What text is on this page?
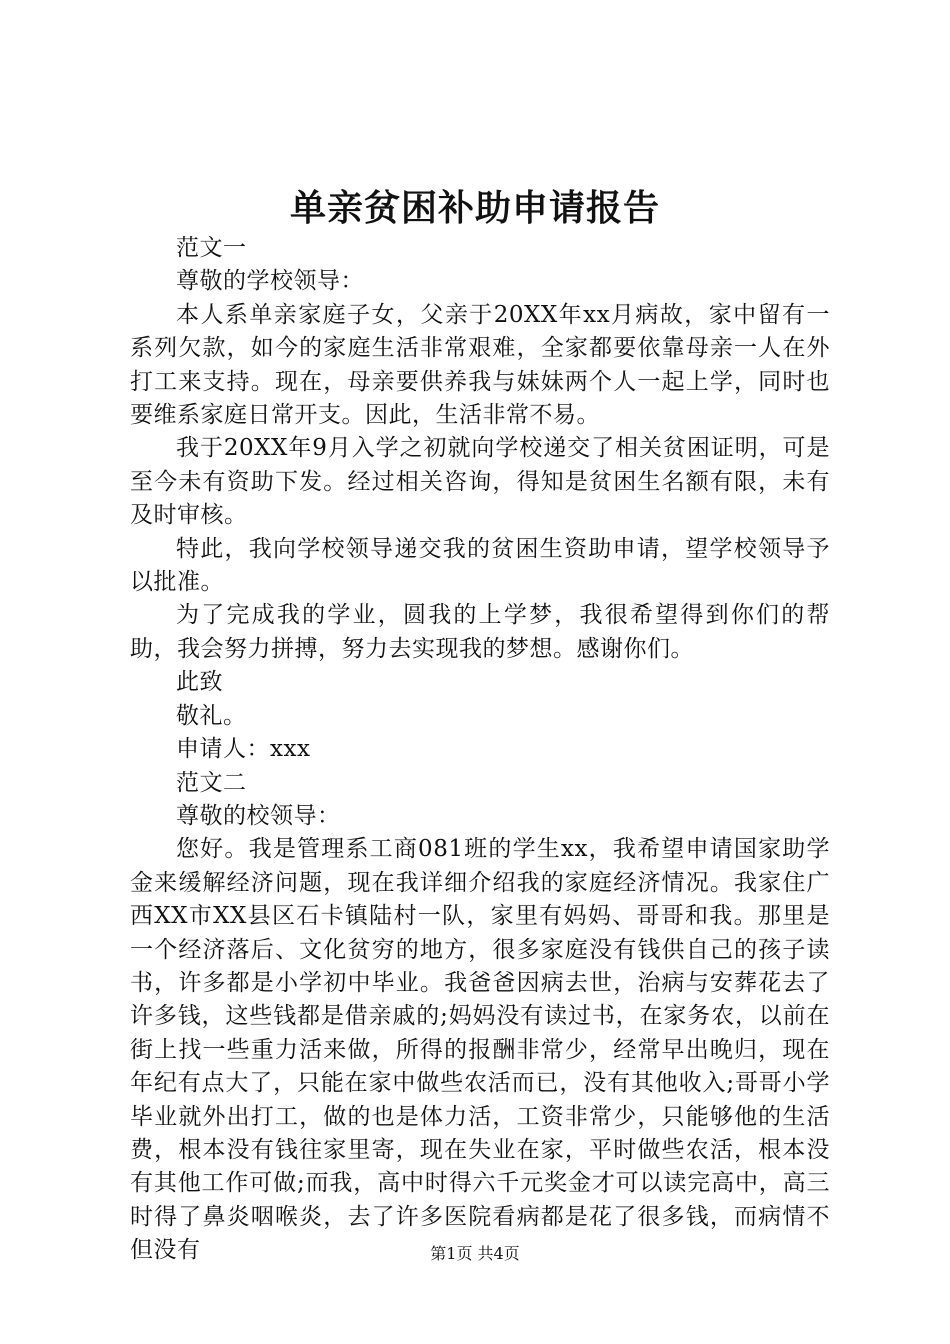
单亲贫困补助申请报告

范文一

尊敬的学校领导：

本人系单亲家庭子女，父亲于20XX年xx月病故，家中留有一系列欠款，如今的家庭生活非常艰难，全家都要依靠母亲一人在外打工来支持。现在，母亲要供养我与妹妹两个人一起上学，同时也要维系家庭日常开支。因此，生活非常不易。

我于20XX年9月入学之初就向学校递交了相关贫困证明，可是至今未有资助下发。经过相关咨询，得知是贫困生名额有限，未有及时审核。

特此，我向学校领导递交我的贫困生资助申请，望学校领导予以批准。

为了完成我的学业，圆我的上学梦，我很希望得到你们的帮助，我会努力拼搏，努力去实现我的梦想。感谢你们。

此致

敬礼。

申请人：xxx

范文二

尊敬的校领导：

您好。我是管理系工商081班的学生xx，我希望申请国家助学金来缓解经济问题，现在我详细介绍我的家庭经济情况。我家住广西XX市XX县区石卡镇陆村一队，家里有妈妈、哥哥和我。那里是一个经济落后、文化贫穷的地方，很多家庭没有钱供自己的孩子读书，许多都是小学初中毕业。我爸爸因病去世，治病与安葬花去了许多钱，这些钱都是借亲戚的;妈妈没有读过书，在家务农，以前在街上找一些重力活来做，所得的报酬非常少，经常早出晚归，现在年纪有点大了，只能在家中做些农活而已，没有其他收入;哥哥小学毕业就外出打工，做的也是体力活，工资非常少，只能够他的生活费，根本没有钱往家里寄，现在失业在家，平时做些农活，根本没有其他工作可做;而我，高中时得六千元奖金才可以读完高中，高三时得了鼻炎咽喉炎，去了许多医院看病都是花了很多钱，而病情不但没有	第1页 共4页
